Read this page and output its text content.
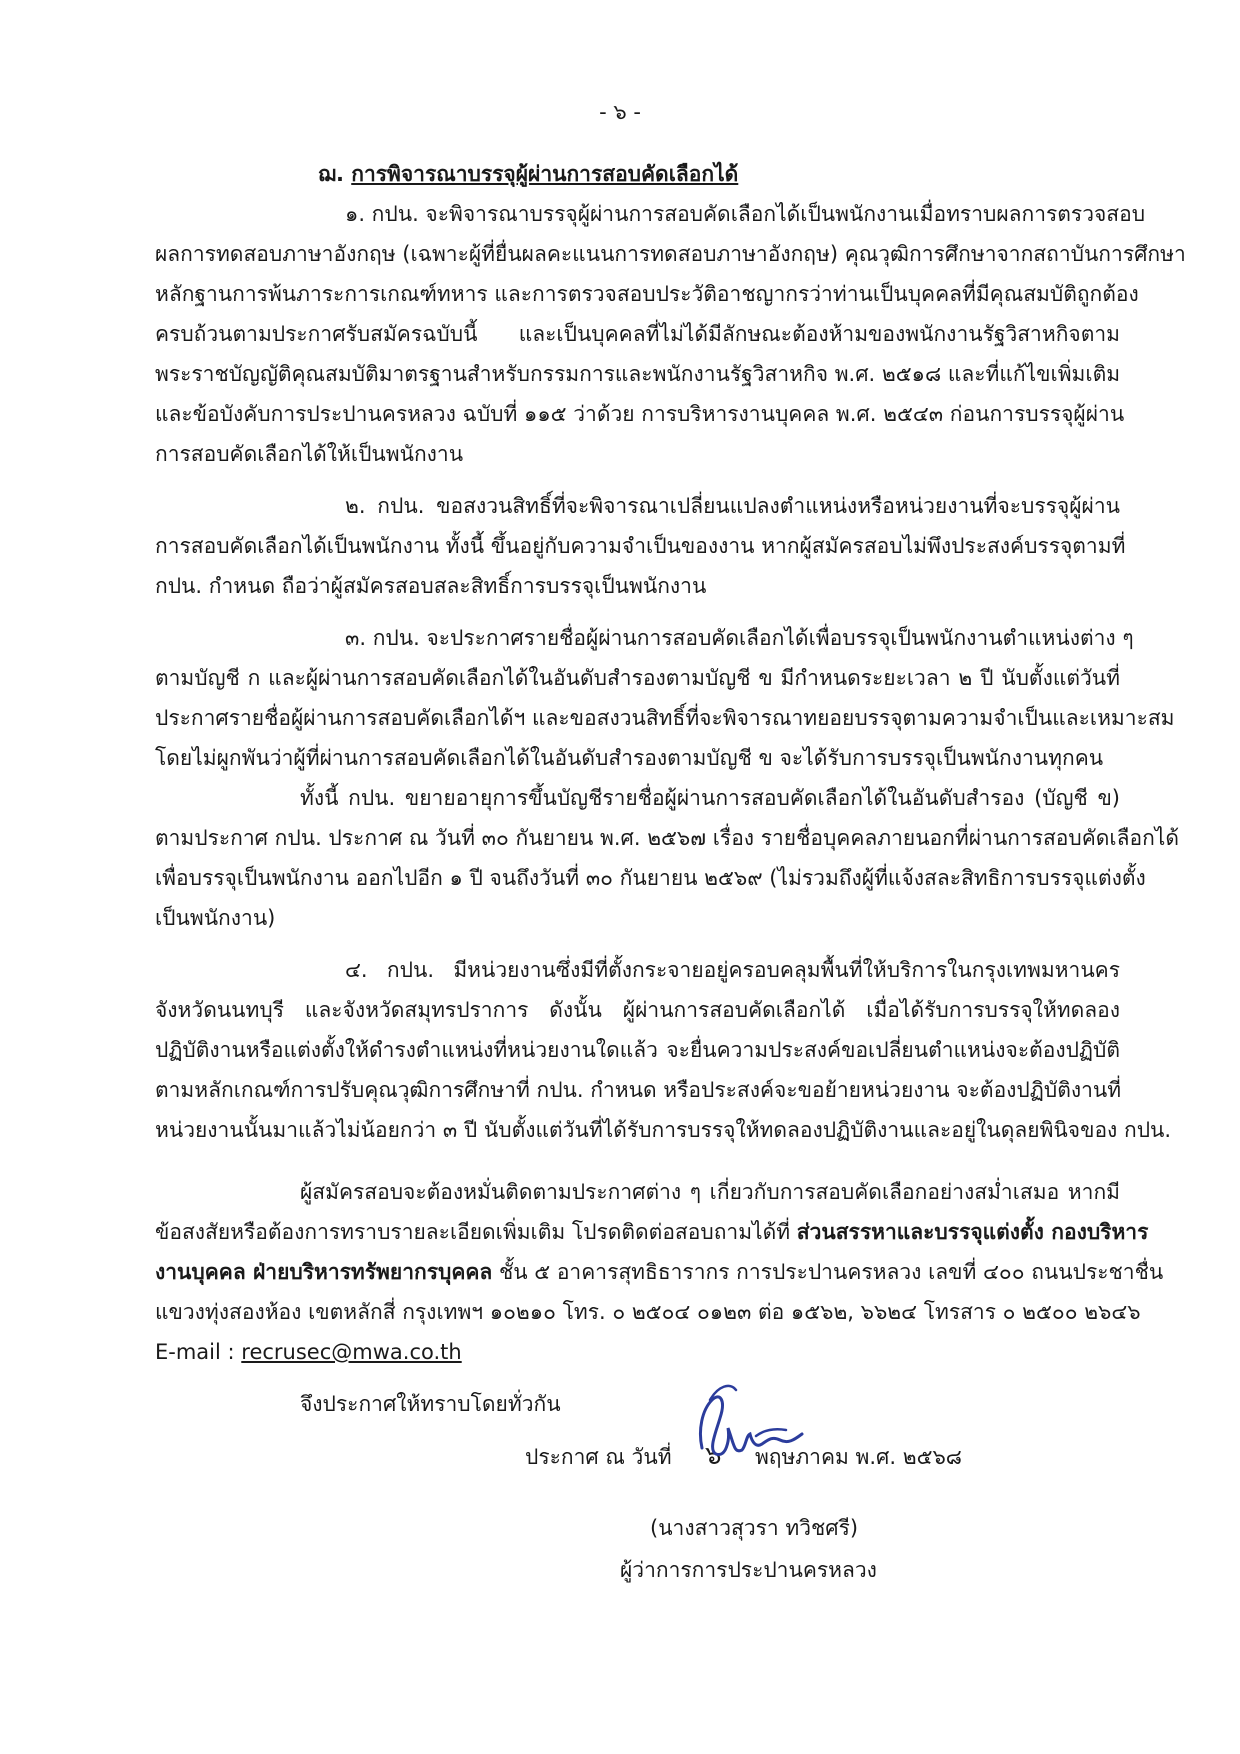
- ๖ -
ฌ. การพิจารณาบรรจุผู้ผ่านการสอบคัดเลือกได้
๑. กปน. จะพิจารณาบรรจุผู้ผ่านการสอบคัดเลือกได้เป็นพนักงานเมื่อทราบผลการตรวจสอบ
ผลการทดสอบภาษาอังกฤษ (เฉพาะผู้ที่ยื่นผลคะแนนการทดสอบภาษาอังกฤษ) คุณวุฒิการศึกษาจากสถาบันการศึกษา
หลักฐานการพ้นภาระการเกณฑ์ทหาร และการตรวจสอบประวัติอาชญากรว่าท่านเป็นบุคคลที่มีคุณสมบัติถูกต้อง
ครบถ้วนตามประกาศรับสมัครฉบับนี้ และเป็นบุคคลที่ไม่ได้มีลักษณะต้องห้ามของพนักงานรัฐวิสาหกิจตาม
พระราชบัญญัติคุณสมบัติมาตรฐานสำหรับกรรมการและพนักงานรัฐวิสาหกิจ พ.ศ. ๒๕๑๘ และที่แก้ไขเพิ่มเติม
และข้อบังคับการประปานครหลวง ฉบับที่ ๑๑๕ ว่าด้วย การบริหารงานบุคคล พ.ศ. ๒๕๔๓ ก่อนการบรรจุผู้ผ่าน
การสอบคัดเลือกได้ให้เป็นพนักงาน
๒. กปน. ขอสงวนสิทธิ์ที่จะพิจารณาเปลี่ยนแปลงตำแหน่งหรือหน่วยงานที่จะบรรจุผู้ผ่าน
การสอบคัดเลือกได้เป็นพนักงาน ทั้งนี้ ขึ้นอยู่กับความจำเป็นของงาน หากผู้สมัครสอบไม่พึงประสงค์บรรจุตามที่
กปน. กำหนด ถือว่าผู้สมัครสอบสละสิทธิ์การบรรจุเป็นพนักงาน
๓. กปน. จะประกาศรายชื่อผู้ผ่านการสอบคัดเลือกได้เพื่อบรรจุเป็นพนักงานตำแหน่งต่าง ๆ
ตามบัญชี ก และผู้ผ่านการสอบคัดเลือกได้ในอันดับสำรองตามบัญชี ข มีกำหนดระยะเวลา ๒ ปี นับตั้งแต่วันที่
ประกาศรายชื่อผู้ผ่านการสอบคัดเลือกได้ฯ และขอสงวนสิทธิ์ที่จะพิจารณาทยอยบรรจุตามความจำเป็นและเหมาะสม
โดยไม่ผูกพันว่าผู้ที่ผ่านการสอบคัดเลือกได้ในอันดับสำรองตามบัญชี ข จะได้รับการบรรจุเป็นพนักงานทุกคน
ทั้งนี้ กปน. ขยายอายุการขึ้นบัญชีรายชื่อผู้ผ่านการสอบคัดเลือกได้ในอันดับสำรอง (บัญชี ข)
ตามประกาศ กปน. ประกาศ ณ วันที่ ๓๐ กันยายน พ.ศ. ๒๕๖๗ เรื่อง รายชื่อบุคคลภายนอกที่ผ่านการสอบคัดเลือกได้
เพื่อบรรจุเป็นพนักงาน ออกไปอีก ๑ ปี จนถึงวันที่ ๓๐ กันยายน ๒๕๖๙ (ไม่รวมถึงผู้ที่แจ้งสละสิทธิการบรรจุแต่งตั้ง
เป็นพนักงาน)
๔. กปน. มีหน่วยงานซึ่งมีที่ตั้งกระจายอยู่ครอบคลุมพื้นที่ให้บริการในกรุงเทพมหานคร
จังหวัดนนทบุรี และจังหวัดสมุทรปราการ ดังนั้น ผู้ผ่านการสอบคัดเลือกได้ เมื่อได้รับการบรรจุให้ทดลอง
ปฏิบัติงานหรือแต่งตั้งให้ดำรงตำแหน่งที่หน่วยงานใดแล้ว จะยื่นความประสงค์ขอเปลี่ยนตำแหน่งจะต้องปฏิบัติ
ตามหลักเกณฑ์การปรับคุณวุฒิการศึกษาที่ กปน. กำหนด หรือประสงค์จะขอย้ายหน่วยงาน จะต้องปฏิบัติงานที่
หน่วยงานนั้นมาแล้วไม่น้อยกว่า ๓ ปี นับตั้งแต่วันที่ได้รับการบรรจุให้ทดลองปฏิบัติงานและอยู่ในดุลยพินิจของ กปน.
ผู้สมัครสอบจะต้องหมั่นติดตามประกาศต่าง ๆ เกี่ยวกับการสอบคัดเลือกอย่างสม่ำเสมอ หากมี
ข้อสงสัยหรือต้องการทราบรายละเอียดเพิ่มเติม โปรดติดต่อสอบถามได้ที่ ส่วนสรรหาและบรรจุแต่งตั้ง กองบริหาร
งานบุคคล ฝ่ายบริหารทรัพยากรบุคคล ชั้น ๕ อาคารสุทธิธารากร การประปานครหลวง เลขที่ ๔๐๐ ถนนประชาชื่น
แขวงทุ่งสองห้อง เขตหลักสี่ กรุงเทพฯ ๑๐๒๑๐ โทร. ๐ ๒๕๐๔ ๐๑๒๓ ต่อ ๑๕๖๒, ๖๖๒๔ โทรสาร ๐ ๒๕๐๐ ๒๖๔๖
E-mail : recrusec@mwa.co.th
จึงประกาศให้ทราบโดยทั่วกัน
ประกาศ ณ วันที่ ๖ พฤษภาคม พ.ศ. ๒๕๖๘
(นางสาวสุวรา ทวิชศรี)
ผู้ว่าการการประปานครหลวง
